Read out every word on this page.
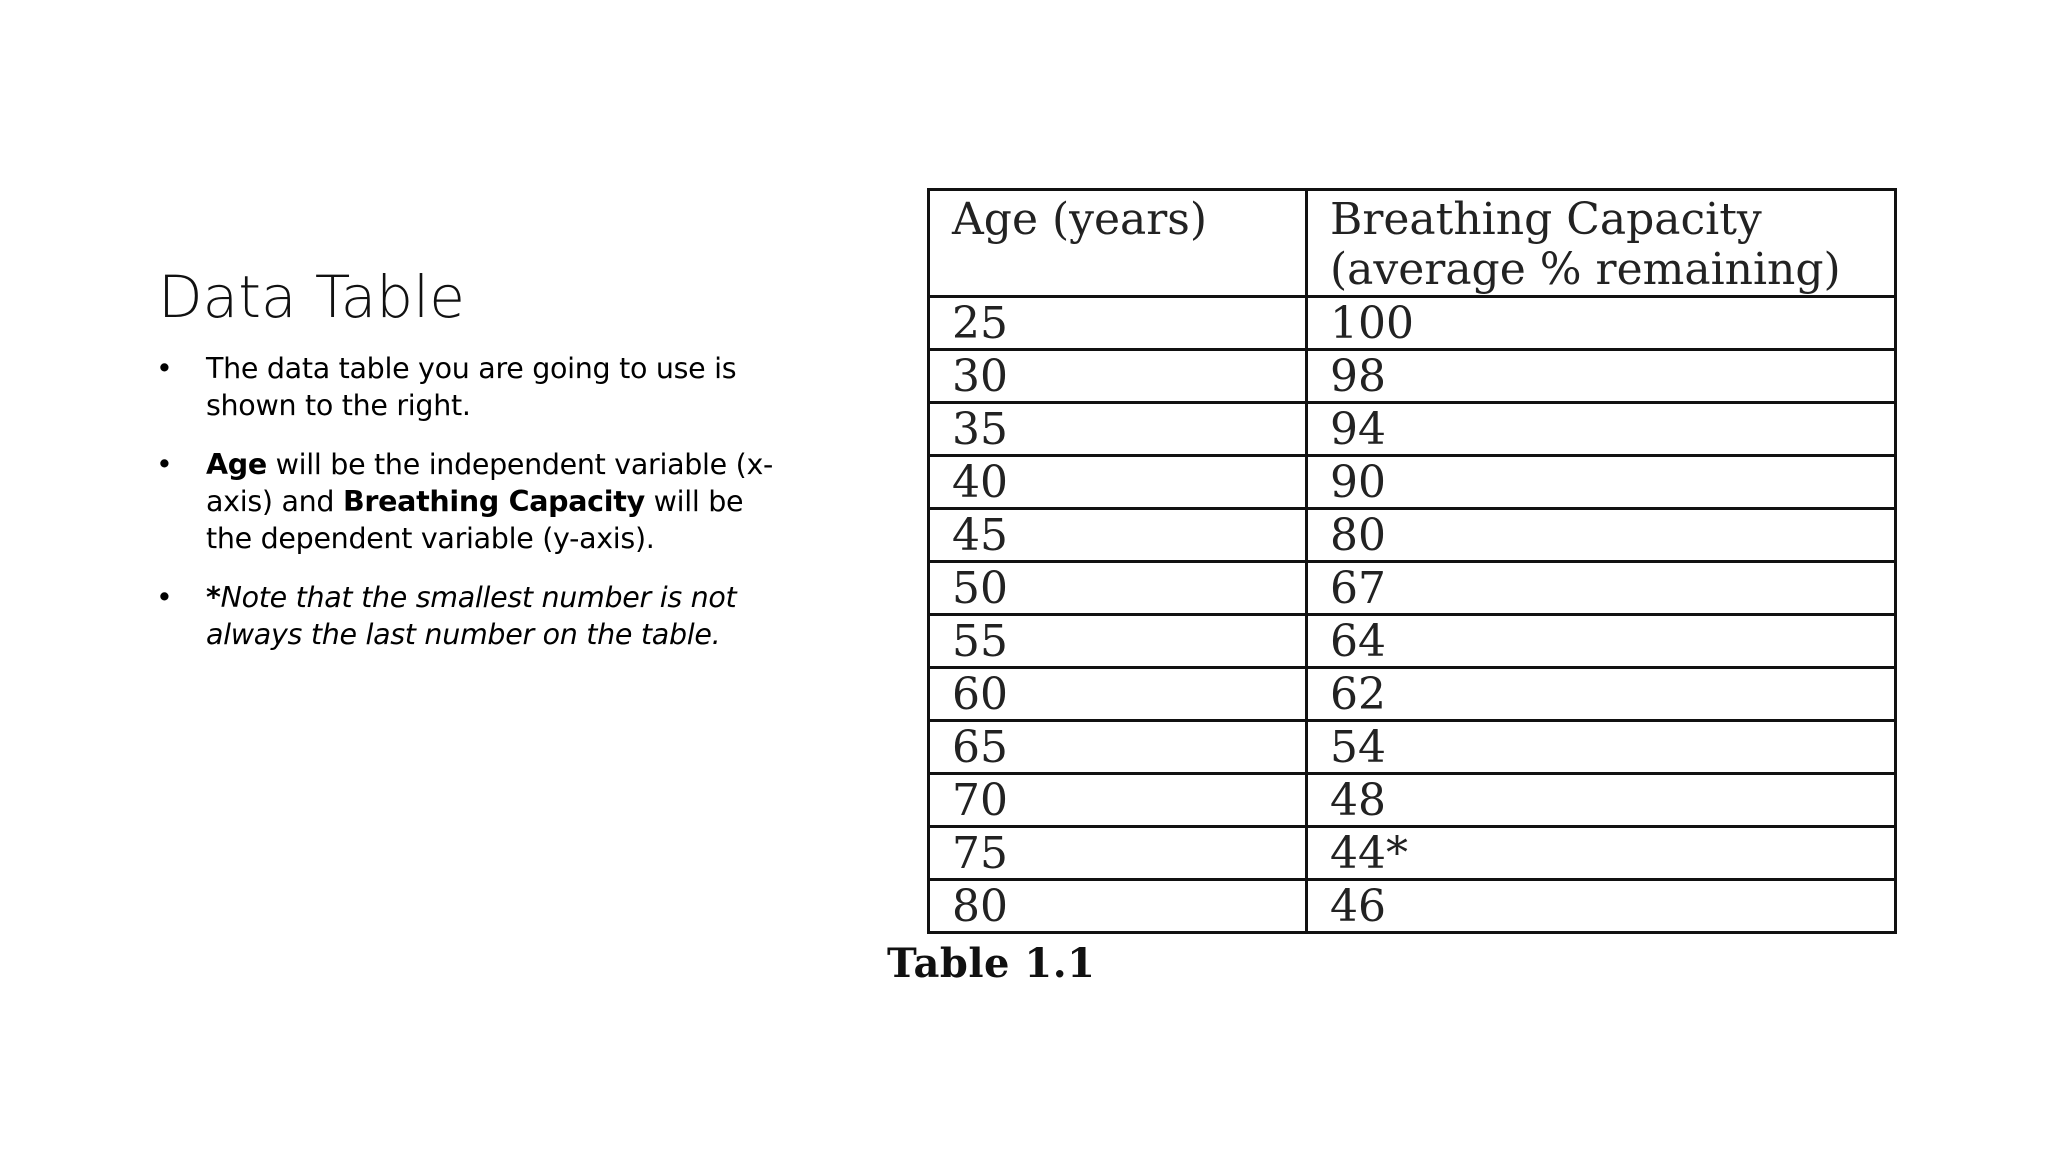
Data Table
• The data table you are going to use is shown to the right.
• Age will be the independent variable (x-axis) and Breathing Capacity will be the dependent variable (y-axis).
• *Note that the smallest number is not always the last number on the table.
Age (years)	Breathing Capacity
(average % remaining)
25	100
30	98
35	94
40	90
45	80
50	67
55	64
60	62
65	54
70	48
75	44*
80	46
Table 1.1
